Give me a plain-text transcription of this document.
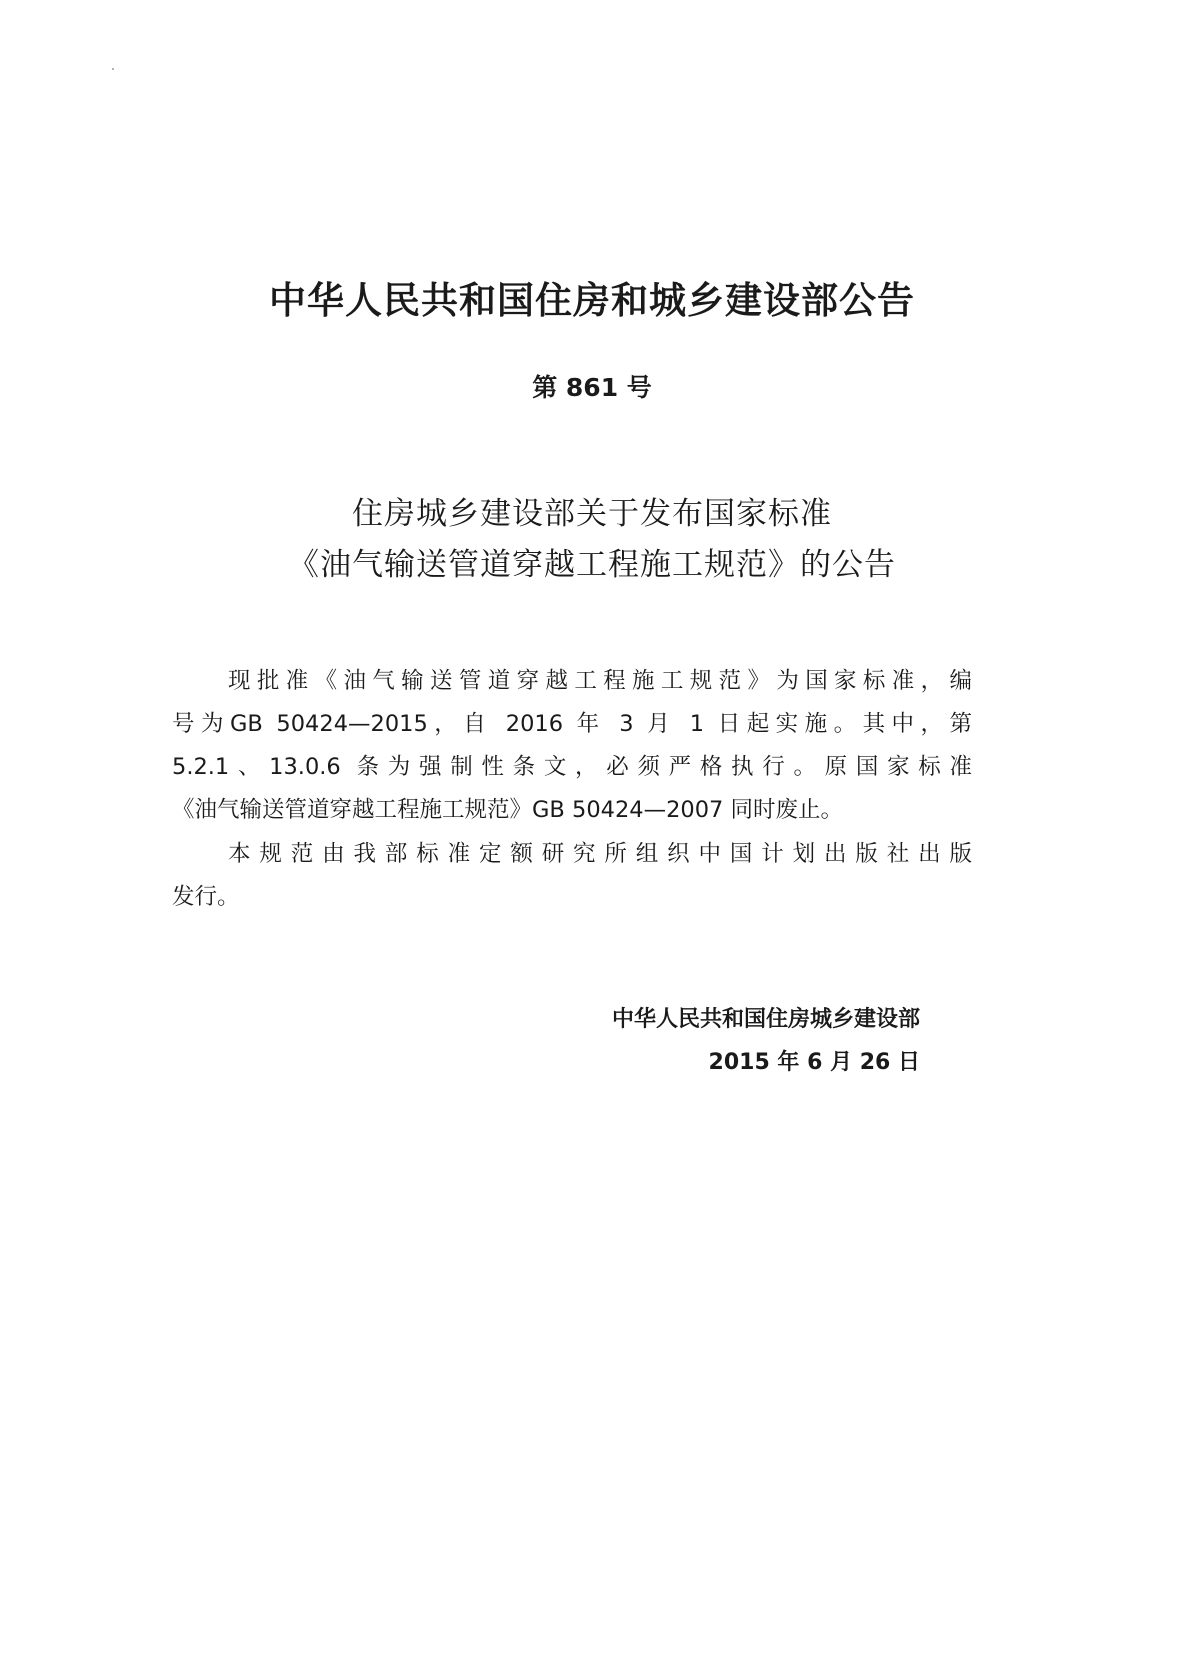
中华人民共和国住房和城乡建设部公告
第 861 号
住房城乡建设部关于发布国家标准
《油气输送管道穿越工程施工规范》的公告
现批准《油气输送管道穿越工程施工规范》为国家标准，编
号为GB 50424—2015，自 2016 年 3 月 1 日起实施。其中，第
5.2.1、13.0.6 条为强制性条文，必须严格执行。原国家标准
《油气输送管道穿越工程施工规范》GB 50424—2007 同时废止。
本规范由我部标准定额研究所组织中国计划出版社出版
发行。
中华人民共和国住房城乡建设部
2015 年 6 月 26 日
